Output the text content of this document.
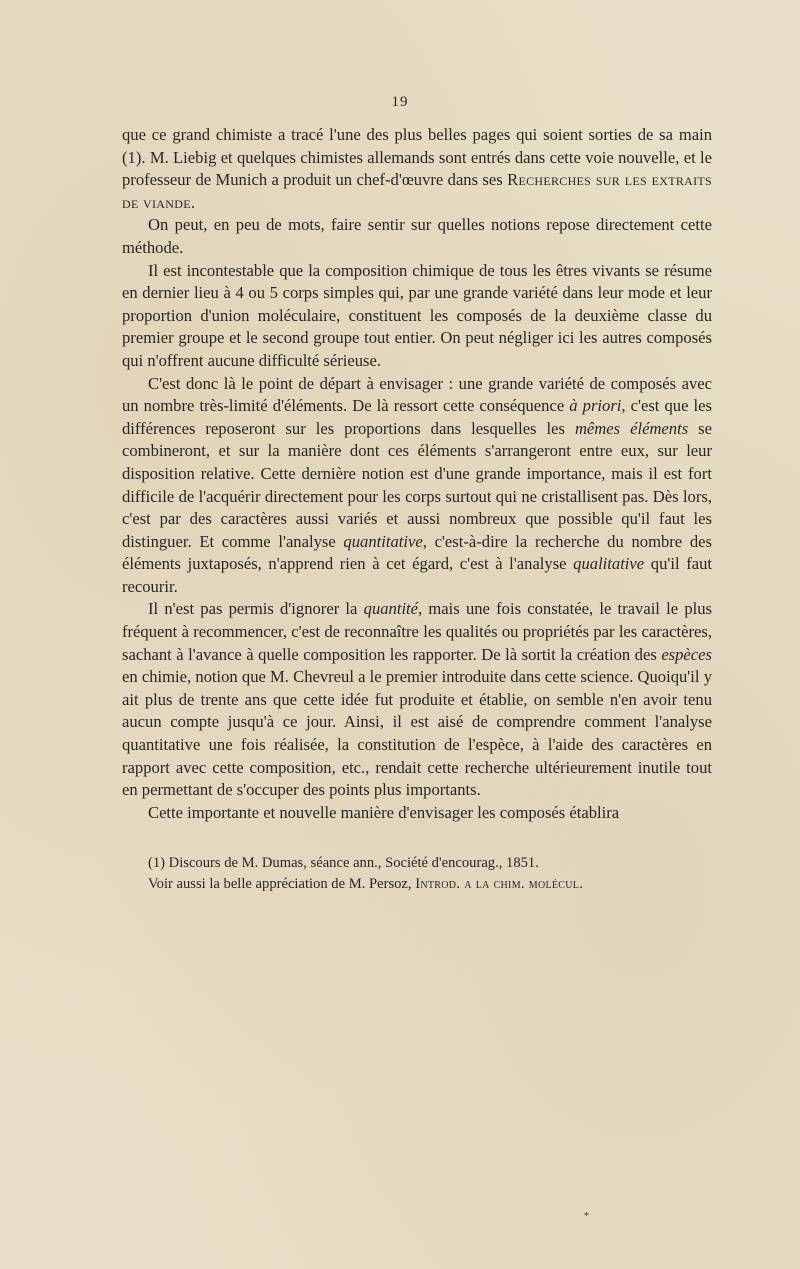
19

que ce grand chimiste a tracé l'une des plus belles pages qui soient sorties de sa main (1). M. Liebig et quelques chimistes allemands sont entrés dans cette voie nouvelle, et le professeur de Munich a produit un chef-d'œuvre dans ses Recherches sur les extraits de viande.

On peut, en peu de mots, faire sentir sur quelles notions repose directement cette méthode.

Il est incontestable que la composition chimique de tous les êtres vivants se résume en dernier lieu à 4 ou 5 corps simples qui, par une grande variété dans leur mode et leur proportion d'union moléculaire, constituent les composés de la deuxième classe du premier groupe et le second groupe tout entier. On peut négliger ici les autres composés qui n'offrent aucune difficulté sérieuse.

C'est donc là le point de départ à envisager : une grande variété de composés avec un nombre très-limité d'éléments. De là ressort cette conséquence à priori, c'est que les différences reposeront sur les proportions dans lesquelles les mêmes éléments se combineront, et sur la manière dont ces éléments s'arrangeront entre eux, sur leur disposition relative. Cette dernière notion est d'une grande importance, mais il est fort difficile de l'acquérir directement pour les corps surtout qui ne cristallisent pas. Dès lors, c'est par des caractères aussi variés et aussi nombreux que possible qu'il faut les distinguer. Et comme l'analyse quantitative, c'est-à-dire la recherche du nombre des éléments juxtaposés, n'apprend rien à cet égard, c'est à l'analyse qualitative qu'il faut recourir.

Il n'est pas permis d'ignorer la quantité, mais une fois constatée, le travail le plus fréquent à recommencer, c'est de reconnaître les qualités ou propriétés par les caractères, sachant à l'avance à quelle composition les rapporter. De là sortit la création des espèces en chimie, notion que M. Chevreul a le premier introduite dans cette science. Quoiqu'il y ait plus de trente ans que cette idée fut produite et établie, on semble n'en avoir tenu aucun compte jusqu'à ce jour. Ainsi, il est aisé de comprendre comment l'analyse quantitative une fois réalisée, la constitution de l'espèce, à l'aide des caractères en rapport avec cette composition, etc., rendait cette recherche ultérieurement inutile tout en permettant de s'occuper des points plus importants.

Cette importante et nouvelle manière d'envisager les composés établira

(1) Discours de M. Dumas, séance ann., Société d'encourag., 1851.

Voir aussi la belle appréciation de M. Persoz, Introd. a la chim. molécul.

*
